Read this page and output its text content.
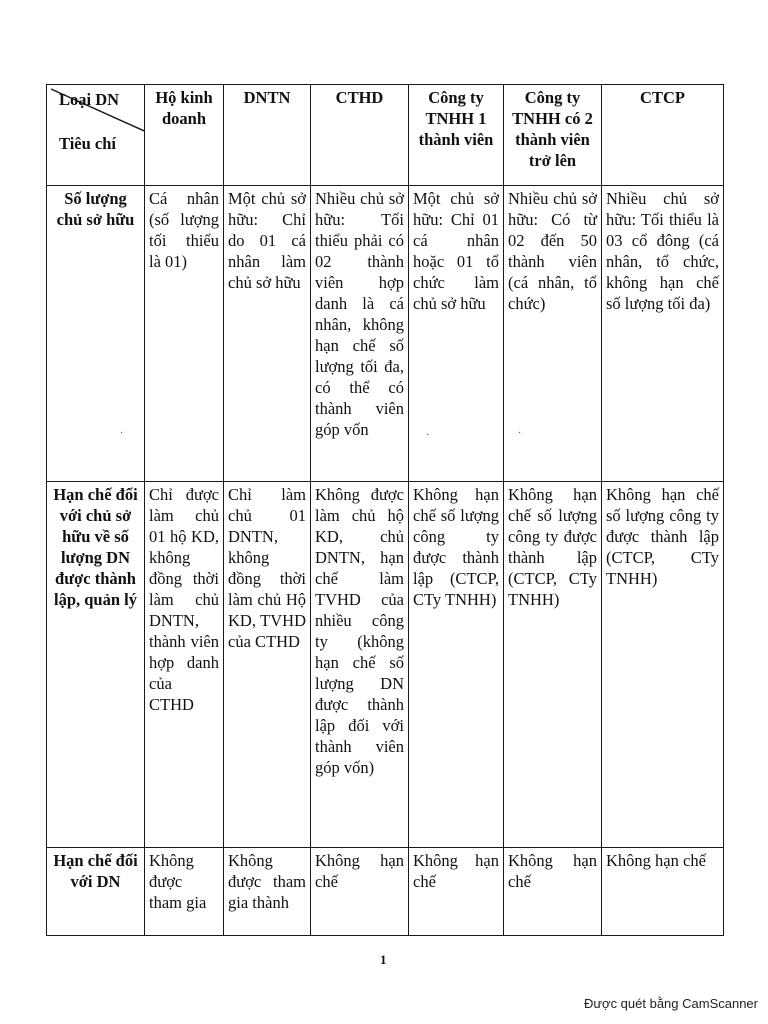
Loại DN
Tiêu chí	Hộ kinh doanh	DNTN	CTHD	Công ty TNHH 1 thành viên	Công ty TNHH có 2 thành viên trở lên	CTCP
Số lượng chủ sở hữu	Cá nhân (số lượng tối thiểu là 01)	Một chủ sở hữu: Chỉ do 01 cá nhân làm chủ sở hữu	Nhiều chủ sở hữu: Tối thiểu phải có 02 thành viên hợp danh là cá nhân, không hạn chế số lượng tối đa, có thể có thành viên góp vốn	Một chủ sở hữu: Chỉ 01 cá nhân hoặc 01 tổ chức làm chủ sở hữu	Nhiều chủ sở hữu: Có từ 02 đến 50 thành viên (cá nhân, tổ chức)	Nhiều chủ sở hữu: Tối thiểu là 03 cổ đông (cá nhân, tổ chức, không hạn chế số lượng tối đa)
Hạn chế đối với chủ sở hữu về số lượng DN được thành lập, quản lý	Chỉ được làm chủ 01 hộ KD, không đồng thời làm chủ DNTN, thành viên hợp danh của CTHD	Chỉ làm chủ 01 DNTN, không đồng thời làm chủ Hộ KD, TVHD của CTHD	Không được làm chủ hộ KD, chủ DNTN, hạn chế làm TVHD của nhiều công ty (không hạn chế số lượng DN được thành lập đối với thành viên góp vốn)	Không hạn chế số lượng công ty được thành lập (CTCP, CTy TNHH)	Không hạn chế số lượng công ty được thành lập (CTCP, CTy TNHH)	Không hạn chế số lượng công ty được thành lập (CTCP, CTy TNHH)
Hạn chế đối với DN	Không được tham gia	Không được tham gia thành	Không hạn chế	Không hạn chế	Không hạn chế	Không hạn chế
·	·	·
1
Được quét bằng CamScanner
